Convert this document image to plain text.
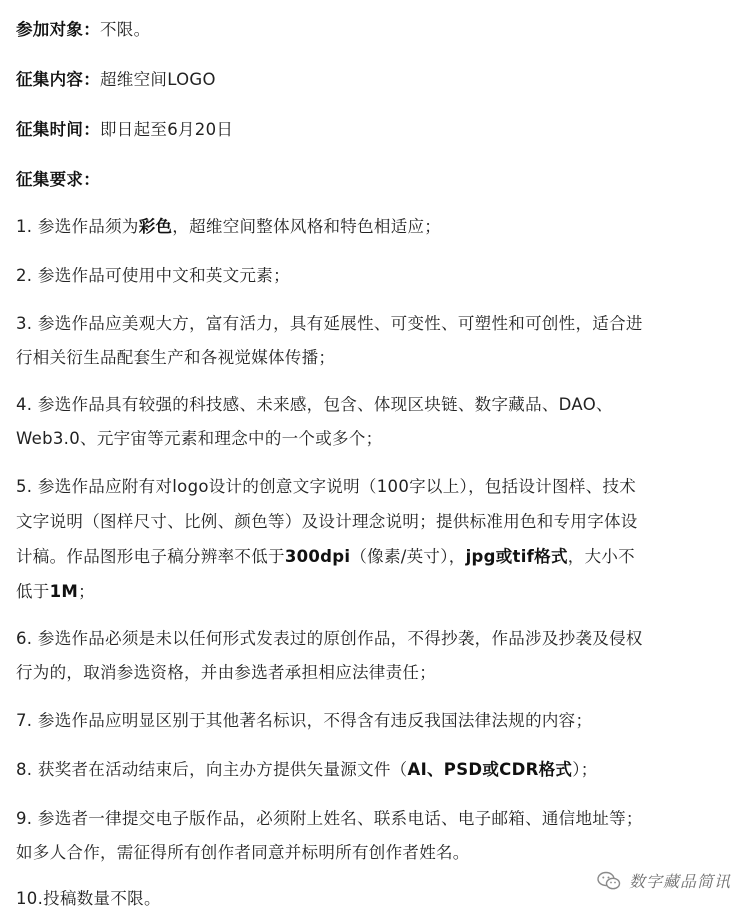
参加对象：不限。
征集内容：超维空间LOGO
征集时间：即日起至6月20日
征集要求：
1. 参选作品须为彩色，超维空间整体风格和特色相适应；
2. 参选作品可使用中文和英文元素；
3. 参选作品应美观大方，富有活力，具有延展性、可变性、可塑性和可创性，适合进
行相关衍生品配套生产和各视觉媒体传播；
4. 参选作品具有较强的科技感、未来感，包含、体现区块链、数字藏品、DAO、
Web3.0、元宇宙等元素和理念中的一个或多个；
5. 参选作品应附有对logo设计的创意文字说明（100字以上），包括设计图样、技术
文字说明（图样尺寸、比例、颜色等）及设计理念说明；提供标准用色和专用字体设
计稿。作品图形电子稿分辨率不低于300dpi（像素/英寸），jpg或tif格式，大小不
低于1M；
6. 参选作品必须是未以任何形式发表过的原创作品，不得抄袭，作品涉及抄袭及侵权
行为的，取消参选资格，并由参选者承担相应法律责任；
7. 参选作品应明显区别于其他著名标识，不得含有违反我国法律法规的内容；
8. 获奖者在活动结束后，向主办方提供矢量源文件（AI、PSD或CDR格式）；
9. 参选者一律提交电子版作品，必须附上姓名、联系电话、电子邮箱、通信地址等；
如多人合作，需征得所有创作者同意并标明所有创作者姓名。
10.投稿数量不限。
数字藏品简讯
